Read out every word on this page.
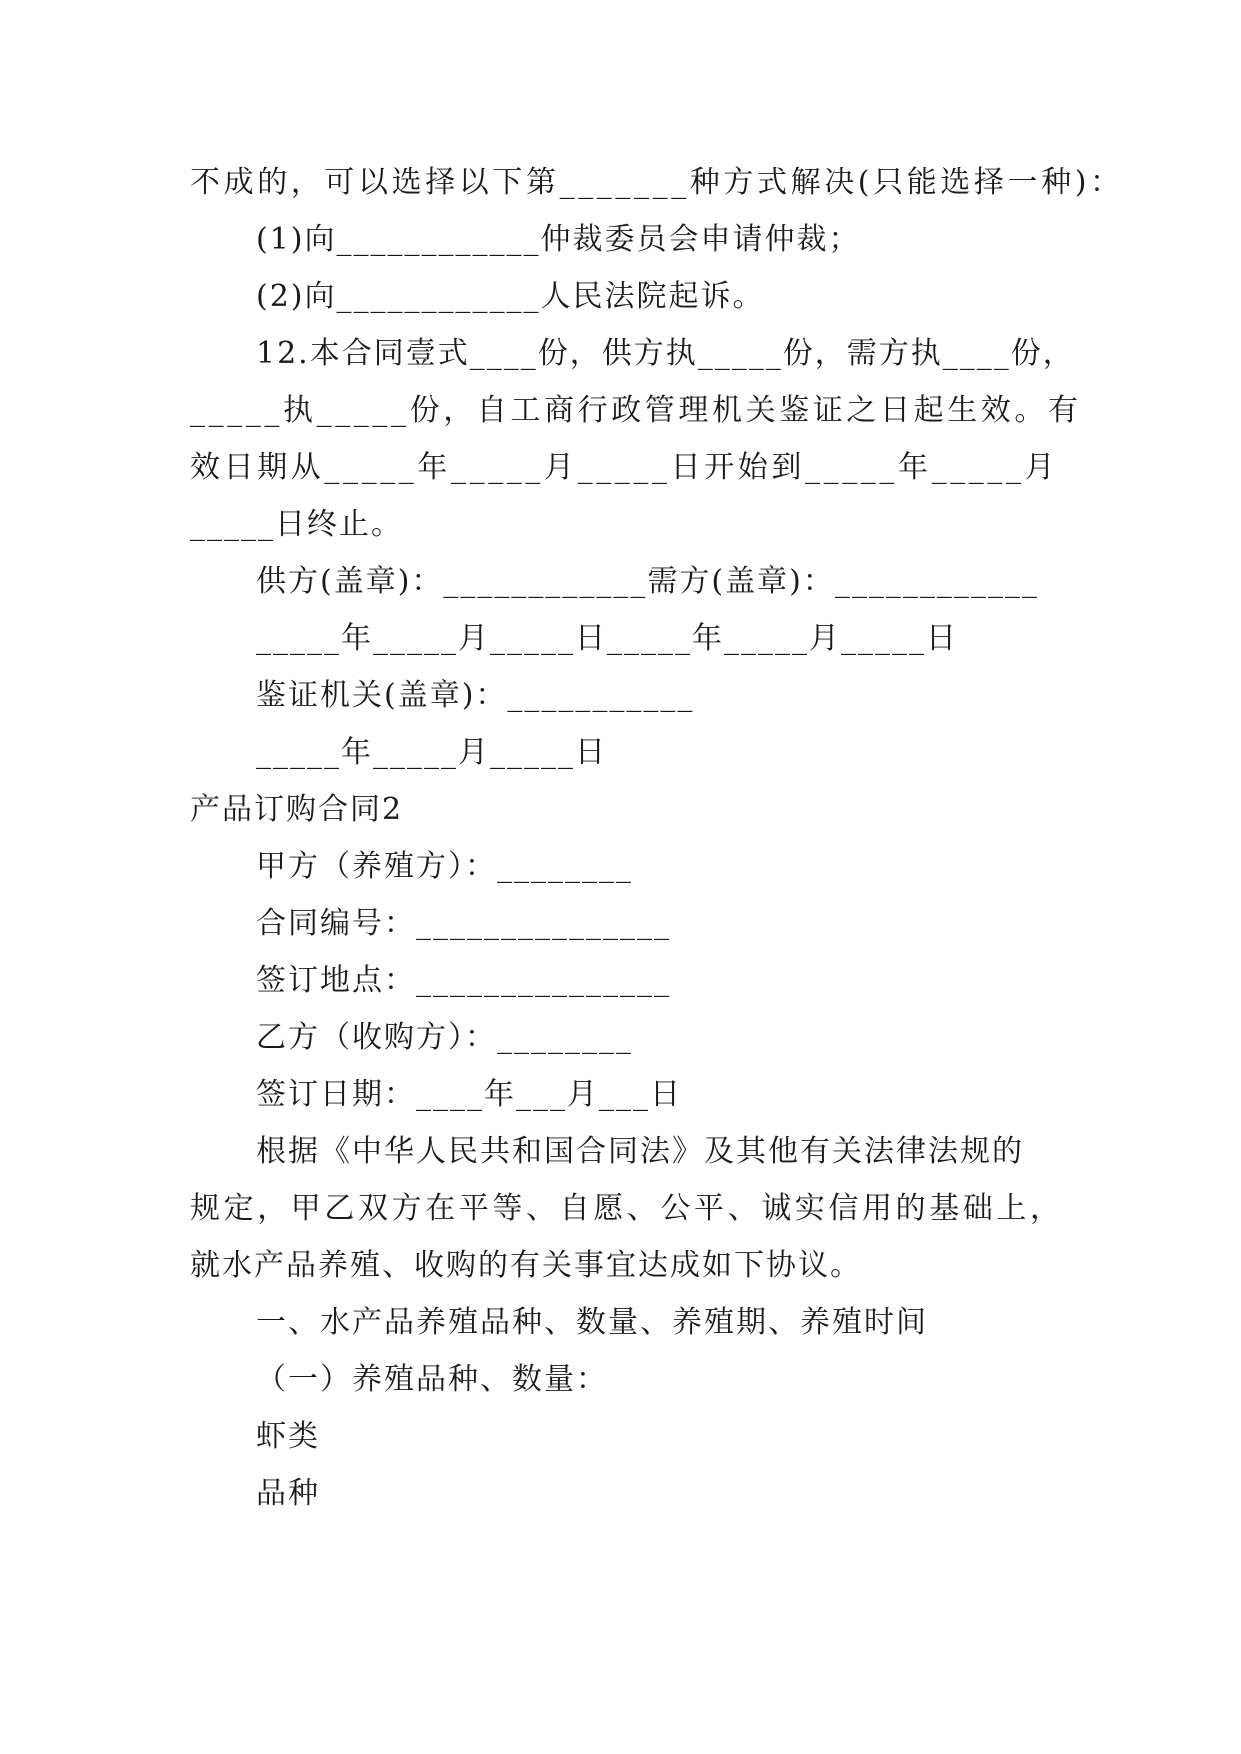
不成的，可以选择以下第_______种方式解决(只能选择一种)：
(1)向____________仲裁委员会申请仲裁；
(2)向____________人民法院起诉。
12.本合同壹式____份，供方执_____份，需方执____份，
_____执_____份，自工商行政管理机关鉴证之日起生效。有
效日期从_____年_____月_____日开始到_____年_____月
_____日终止。
供方(盖章)：____________需方(盖章)：____________
_____年_____月_____日_____年_____月_____日
鉴证机关(盖章)：___________
_____年_____月_____日
产品订购合同2
甲方（养殖方）：________
合同编号：_______________
签订地点：_______________
乙方（收购方）：________
签订日期：____年___月___日
根据《中华人民共和国合同法》及其他有关法律法规的
规定，甲乙双方在平等、自愿、公平、诚实信用的基础上，
就水产品养殖、收购的有关事宜达成如下协议。
一、水产品养殖品种、数量、养殖期、养殖时间
（一）养殖品种、数量：
虾类
品种
